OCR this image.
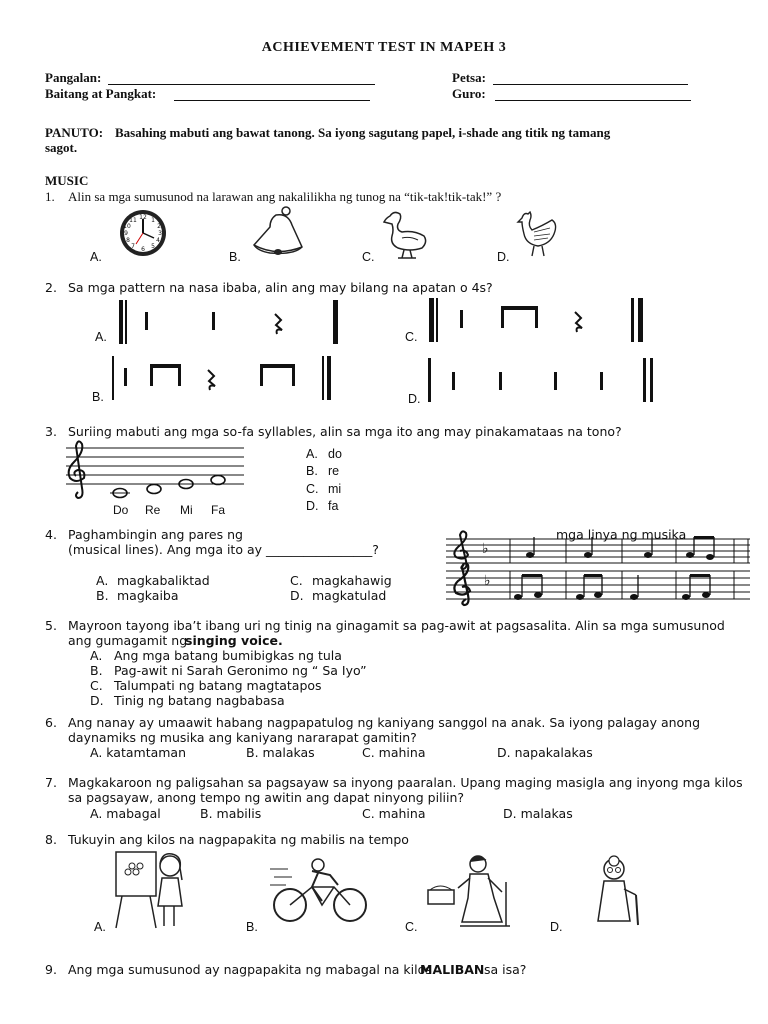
ACHIEVEMENT TEST IN MAPEH 3
Pangalan:	Petsa:
Baitang at Pangkat:	Guro:
PANUTO: Basahing mabuti ang bawat tanong. Sa iyong sagutang papel, i-shade ang titik ng tamang
sagot.
MUSIC
1. Alin sa mga sumusunod na larawan ang nakalilikha ng tunog na “tik-tak!tik-tak!” ?
12 1
2
3
4
5
6
7
8
9
10
11
A.	B.	C.	D.
2. Sa mga pattern na nasa ibaba, alin ang may bilang na apatan o 4s?
A.	C.
B.	D.
3. Suriing mabuti ang mga so-fa syllables, alin sa mga ito ang may pinakamataas na tono?
Do Re Mi Fa
A. do
B. re
C. mi
D. fa
4. Paghambingin ang pares ng
(musical lines). Ang mga ito ay _________________?
mga linya ng musika
♭
♭
A. magkabaliktad	C. magkahawig
B. magkaiba	D. magkatulad
5. Mayroon tayong iba’t ibang uri ng tinig na ginagamit sa pag-awit at pagsasalita. Alin sa mga sumusunod
ang gumagamit ng
singing voice.
A. Ang mga batang bumibigkas ng tula
B. Pag-awit ni Sarah Geronimo ng “ Sa Iyo”
C. Talumpati ng batang magtatapos
D. Tinig ng batang nagbabasa
6. Ang nanay ay umaawit habang nagpapatulog ng kaniyang sanggol na anak. Sa iyong palagay anong
daynamiks ng musika ang kaniyang nararapat gamitin?
A. katamtaman	B. malakas	C. mahina	D. napakalakas
7. Magkakaroon ng paligsahan sa pagsayaw sa inyong paaralan. Upang maging masigla ang inyong mga kilos
sa pagsayaw, anong tempo ng awitin ang dapat ninyong piliin?
A. mabagal	B. mabilis	C. mahina	D. malakas
8. Tukuyin ang kilos na nagpapakita ng mabilis na tempo
A.	B.	C.	D.
9. Ang mga sumusunod ay nagpapakita ng mabagal na kilos
MALIBAN sa isa?
